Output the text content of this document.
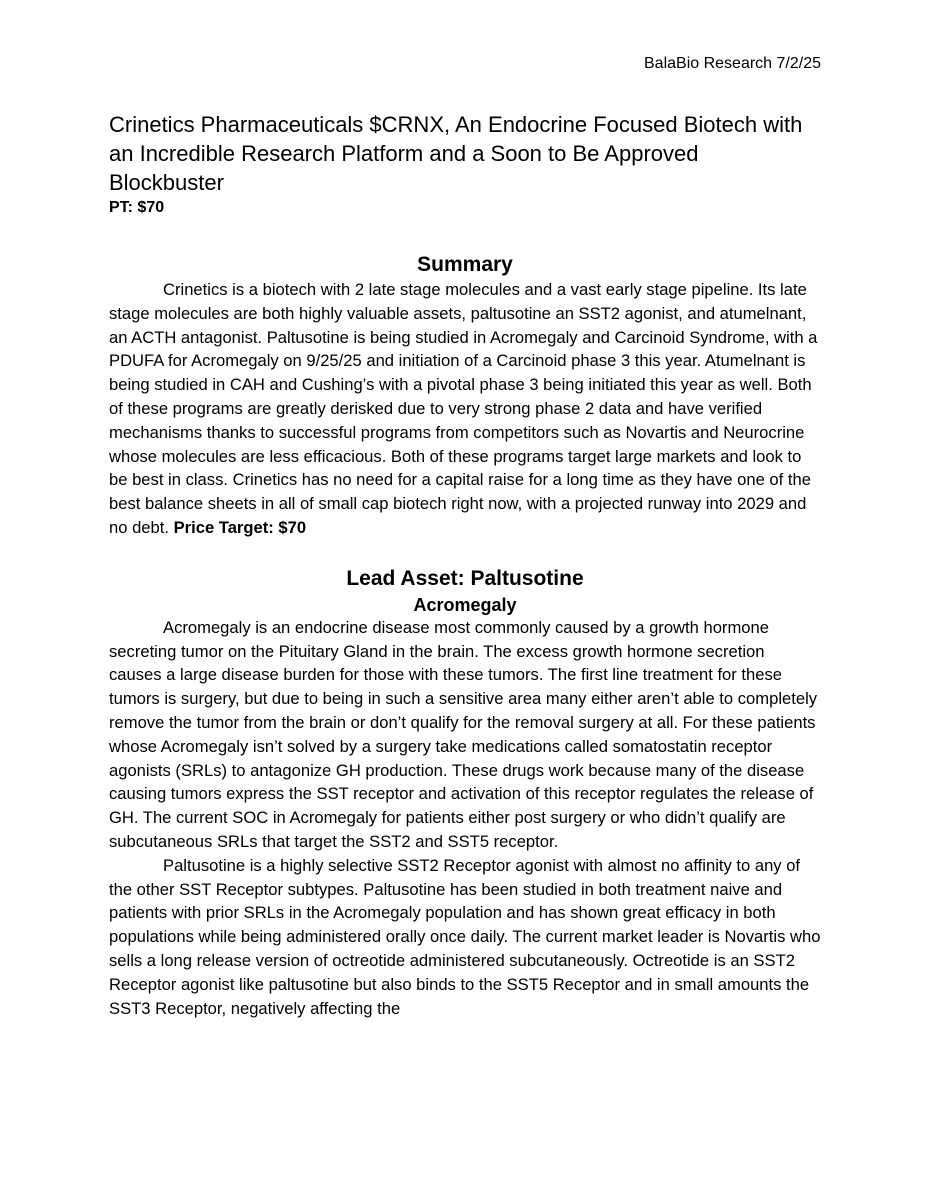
BalaBio Research 7/2/25
Crinetics Pharmaceuticals $CRNX, An Endocrine Focused Biotech with an Incredible Research Platform and a Soon to Be Approved Blockbuster
PT: $70
Summary

Crinetics is a biotech with 2 late stage molecules and a vast early stage pipeline. Its late stage molecules are both highly valuable assets, paltusotine an SST2 agonist, and atumelnant, an ACTH antagonist. Paltusotine is being studied in Acromegaly and Carcinoid Syndrome, with a PDUFA for Acromegaly on 9/25/25 and initiation of a Carcinoid phase 3 this year. Atumelnant is being studied in CAH and Cushing’s with a pivotal phase 3 being initiated this year as well. Both of these programs are greatly derisked due to very strong phase 2 data and have verified mechanisms thanks to successful programs from competitors such as Novartis and Neurocrine whose molecules are less efficacious. Both of these programs target large markets and look to be best in class. Crinetics has no need for a capital raise for a long time as they have one of the best balance sheets in all of small cap biotech right now, with a projected runway into 2029 and no debt. Price Target: $70

Lead Asset: Paltusotine
Acromegaly

Acromegaly is an endocrine disease most commonly caused by a growth hormone secreting tumor on the Pituitary Gland in the brain. The excess growth hormone secretion causes a large disease burden for those with these tumors. The first line treatment for these tumors is surgery, but due to being in such a sensitive area many either aren’t able to completely remove the tumor from the brain or don’t qualify for the removal surgery at all. For these patients whose Acromegaly isn’t solved by a surgery take medications called somatostatin receptor agonists (SRLs) to antagonize GH production. These drugs work because many of the disease causing tumors express the SST receptor and activation of this receptor regulates the release of GH. The current SOC in Acromegaly for patients either post surgery or who didn’t qualify are subcutaneous SRLs that target the SST2 and SST5 receptor.

Paltusotine is a highly selective SST2 Receptor agonist with almost no affinity to any of the other SST Receptor subtypes. Paltusotine has been studied in both treatment naive and patients with prior SRLs in the Acromegaly population and has shown great efficacy in both populations while being administered orally once daily. The current market leader is Novartis who sells a long release version of octreotide administered subcutaneously. Octreotide is an SST2 Receptor agonist like paltusotine but also binds to the SST5 Receptor and in small amounts the SST3 Receptor, negatively affecting the
